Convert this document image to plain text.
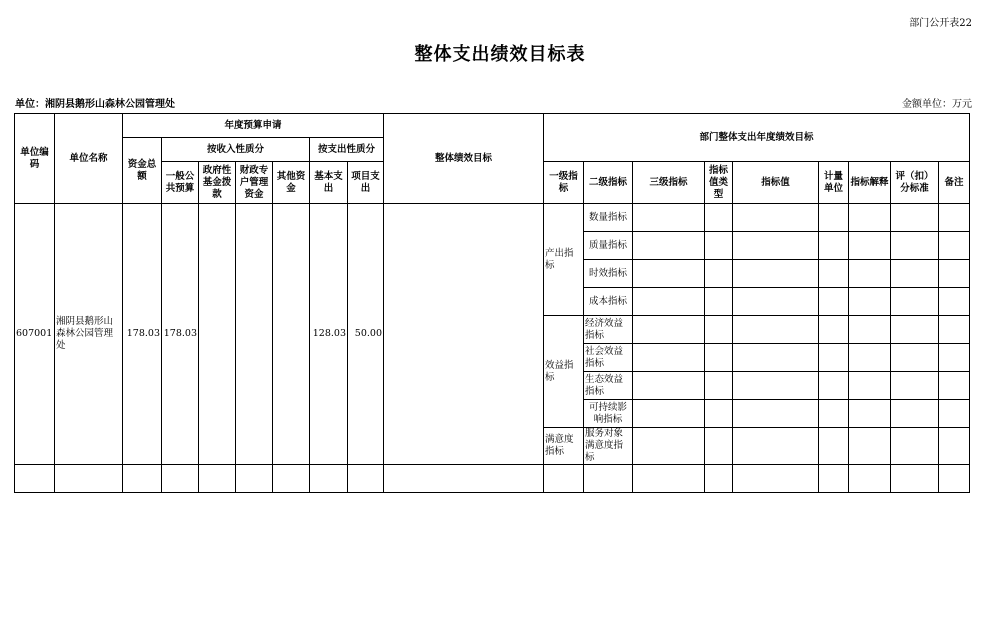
部门公开表22
整体支出绩效目标表
单位：湘阴县鹅形山森林公园管理处	金额单位：万元
单位编码	单位名称	年度预算申请							整体绩效目标	部门整体支出年度绩效目标								
		资金总额	按收入性质分				按支出性质分											
			一般公共预算	政府性基金拨款	财政专户管理资金	其他资金	基本支出	项目支出		一级指标	二级指标	三级指标	指标值类型	指标值	计量单位	指标解释	评（扣）分标准	备注
607001	湘阴县鹅形山森林公园管理处	178.03	178.03				128.03	50.00		产出指标	数量指标							
											质量指标							
											时效指标							
											成本指标							
										效益指标	经济效益指标							
											社会效益指标							
											生态效益指标							
											可持续影响指标							
										满意度指标	服务对象满意度指标							
